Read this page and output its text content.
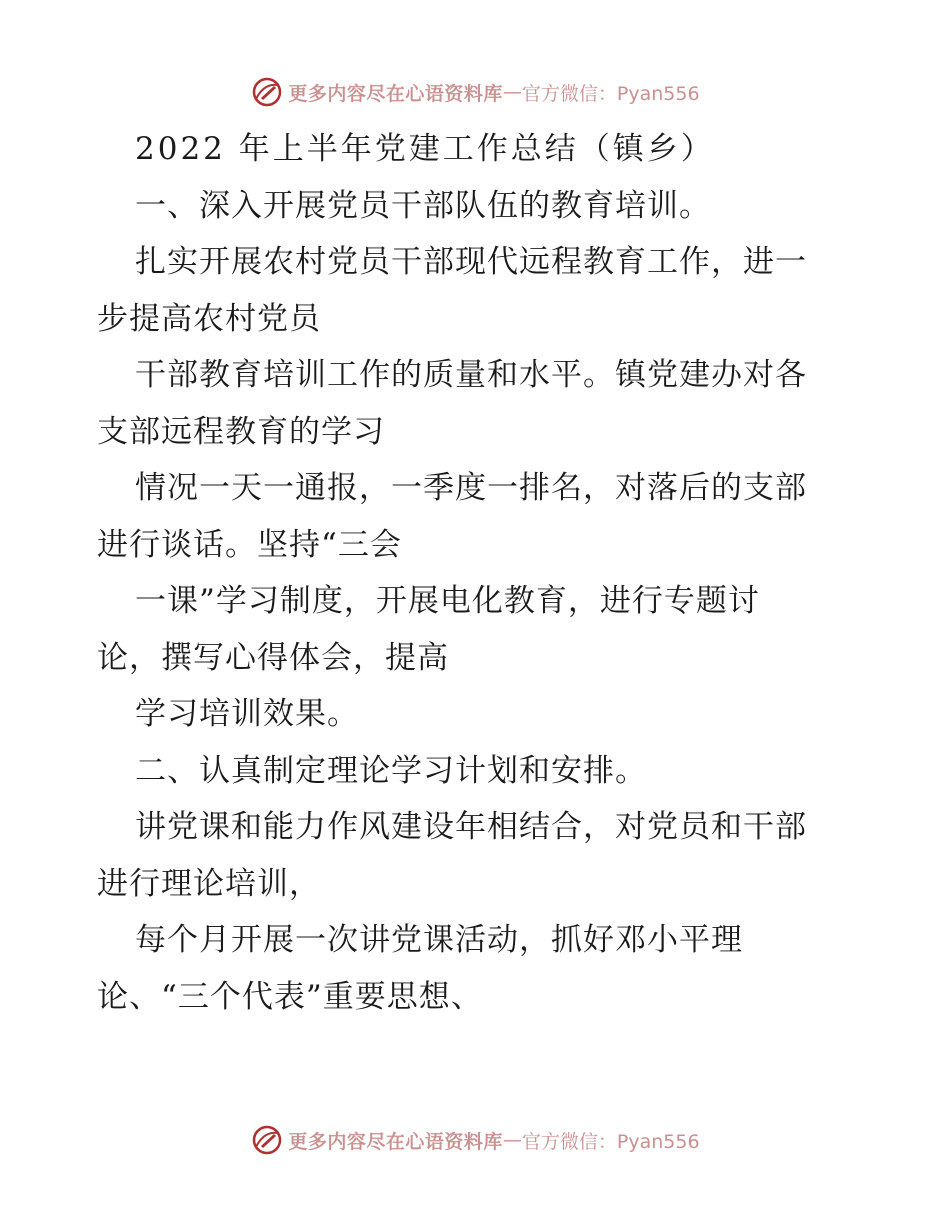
更多内容尽在心语资料库 — 官方微信：Pyan556
2022 年上半年党建工作总结（镇乡）
一、深入开展党员干部队伍的教育培训。
扎实开展农村党员干部现代远程教育工作，进一
步提高农村党员
干部教育培训工作的质量和水平。镇党建办对各
支部远程教育的学习
情况一天一通报，一季度一排名，对落后的支部
进行谈话。坚持“三会
一课”学习制度，开展电化教育，进行专题讨
论，撰写心得体会，提高
学习培训效果。
二、认真制定理论学习计划和安排。
讲党课和能力作风建设年相结合，对党员和干部
进行理论培训，
每个月开展一次讲党课活动，抓好邓小平理
论、“三个代表”重要思想、
更多内容尽在心语资料库 — 官方微信：Pyan556
